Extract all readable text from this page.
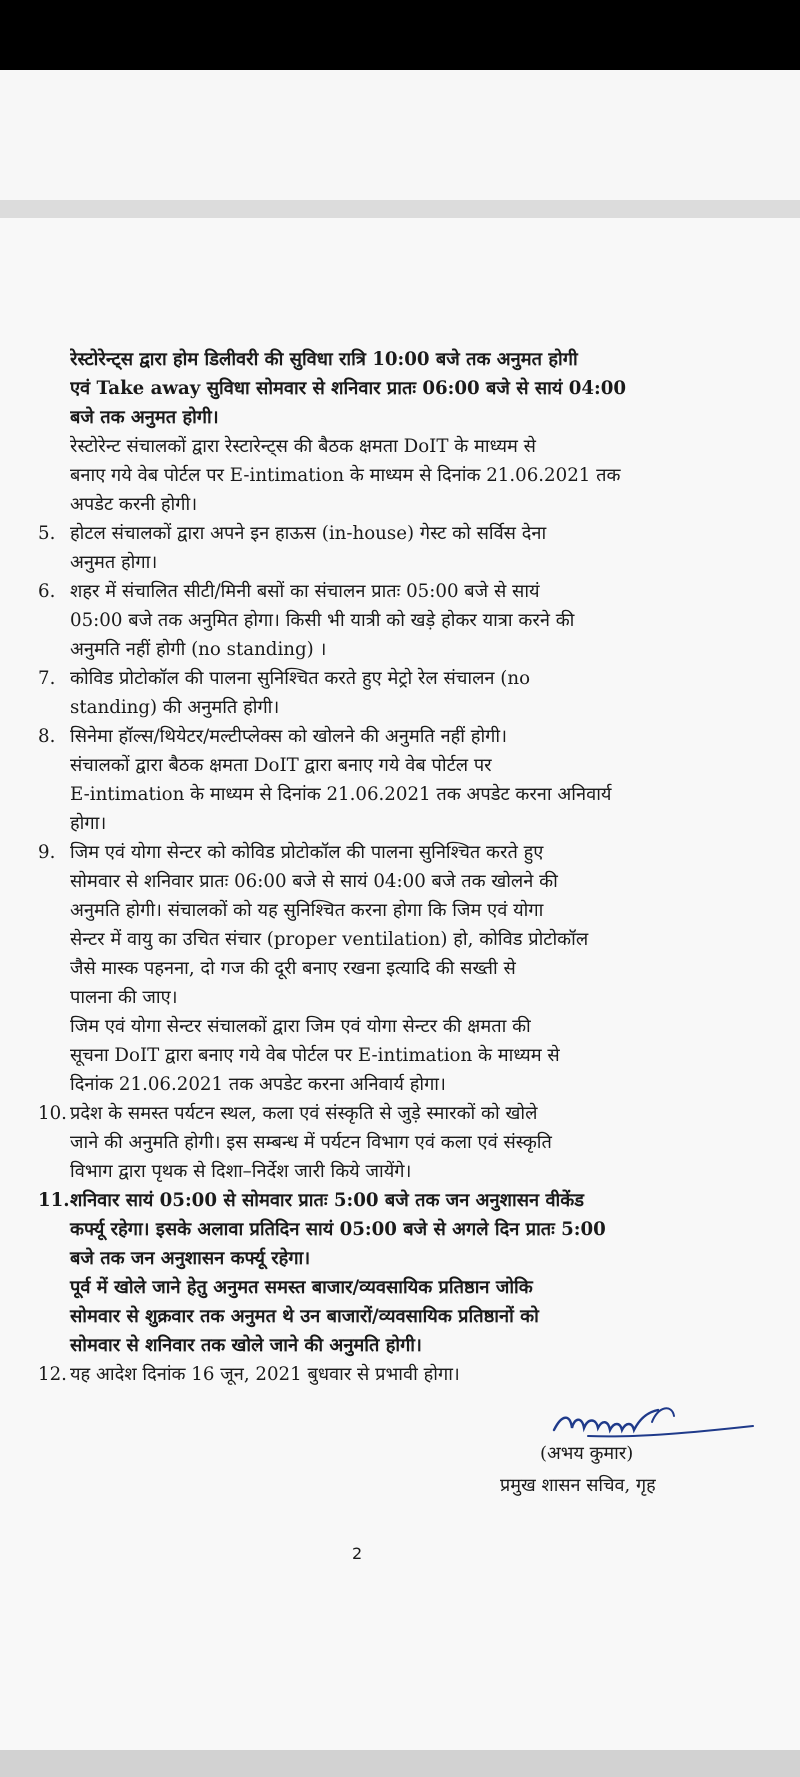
रेस्टोरेन्ट्स द्वारा होम डिलीवरी की सुविधा रात्रि 10:00 बजे तक अनुमत होगी
एवं Take away सुविधा सोमवार से शनिवार प्रातः 06:00 बजे से सायं 04:00
बजे तक अनुमत होगी।
रेस्टोरेन्ट संचालकों द्वारा रेस्टारेन्ट्स की बैठक क्षमता DoIT के माध्यम से
बनाए गये वेब पोर्टल पर E-intimation के माध्यम से दिनांक 21.06.2021 तक
अपडेट करनी होगी।
5. होटल संचालकों द्वारा अपने इन हाऊस (in-house) गेस्ट को सर्विस देना
अनुमत होगा।
6. शहर में संचालित सीटी/मिनी बसों का संचालन प्रातः 05:00 बजे से सायं
05:00 बजे तक अनुमित होगा। किसी भी यात्री को खड़े होकर यात्रा करने की
अनुमति नहीं होगी (no standing) ।
7. कोविड प्रोटोकॉल की पालना सुनिश्चित करते हुए मेट्रो रेल संचालन (no
standing) की अनुमति होगी।
8. सिनेमा हॉल्स/थियेटर/मल्टीप्लेक्स को खोलने की अनुमति नहीं होगी।
संचालकों द्वारा बैठक क्षमता DoIT द्वारा बनाए गये वेब पोर्टल पर
E-intimation के माध्यम से दिनांक 21.06.2021 तक अपडेट करना अनिवार्य
होगा।
9. जिम एवं योगा सेन्टर को कोविड प्रोटोकॉल की पालना सुनिश्चित करते हुए
सोमवार से शनिवार प्रातः 06:00 बजे से सायं 04:00 बजे तक खोलने की
अनुमति होगी। संचालकों को यह सुनिश्चित करना होगा कि जिम एवं योगा
सेन्टर में वायु का उचित संचार (proper ventilation) हो, कोविड प्रोटोकॉल
जैसे मास्क पहनना, दो गज की दूरी बनाए रखना इत्यादि की सख्ती से
पालना की जाए।
जिम एवं योगा सेन्टर संचालकों द्वारा जिम एवं योगा सेन्टर की क्षमता की
सूचना DoIT द्वारा बनाए गये वेब पोर्टल पर E-intimation के माध्यम से
दिनांक 21.06.2021 तक अपडेट करना अनिवार्य होगा।
10. प्रदेश के समस्त पर्यटन स्थल, कला एवं संस्कृति से जुड़े स्मारकों को खोले
जाने की अनुमति होगी। इस सम्बन्ध में पर्यटन विभाग एवं कला एवं संस्कृति
विभाग द्वारा पृथक से दिशा–निर्देश जारी किये जायेंगे।
11.शनिवार सायं 05:00 से सोमवार प्रातः 5:00 बजे तक जन अनुशासन वीकेंड
कर्फ्यू रहेगा। इसके अलावा प्रतिदिन सायं 05:00 बजे से अगले दिन प्रातः 5:00
बजे तक जन अनुशासन कर्फ्यू रहेगा।
पूर्व में खोले जाने हेतु अनुमत समस्त बाजार/व्यवसायिक प्रतिष्ठान जोकि
सोमवार से शुक्रवार तक अनुमत थे उन बाजारों/व्यवसायिक प्रतिष्ठानों को
सोमवार से शनिवार तक खोले जाने की अनुमति होगी।
12. यह आदेश दिनांक 16 जून, 2021 बुधवार से प्रभावी होगा।
(अभय कुमार)
प्रमुख शासन सचिव, गृह
2
